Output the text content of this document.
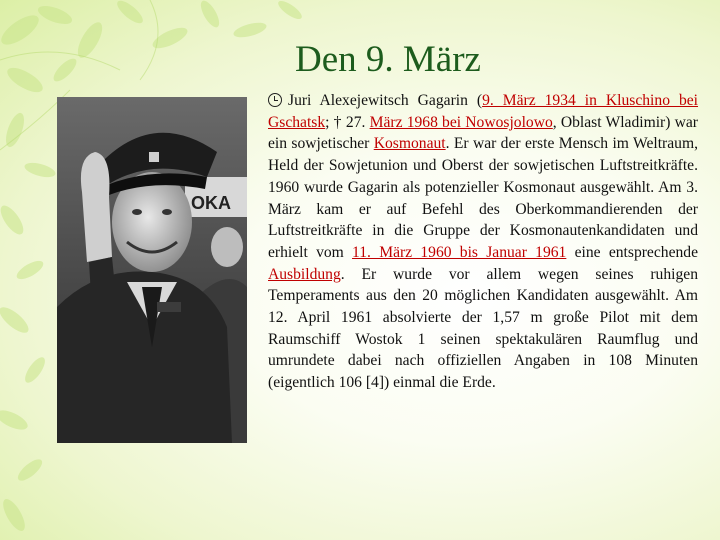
Den 9. März
OKA

Juri Alexejewitsch Gagarin (9. März 1934 in Kluschino bei Gschatsk; † 27. März 1968 bei Nowosjolowo, Oblast Wladimir) war ein sowjetischer Kosmonaut. Er war der erste Mensch im Weltraum, Held der Sowjetunion und Oberst der sowjetischen Luftstreitkräfte. 1960 wurde Gagarin als potenzieller Kosmonaut ausgewählt. Am 3. März kam er auf Befehl des Oberkommandierenden der Luftstreitkräfte in die Gruppe der Kosmonautenkandidaten und erhielt vom 11. März 1960 bis Januar 1961 eine entsprechende Ausbildung. Er wurde vor allem wegen seines ruhigen Temperaments aus den 20 möglichen Kandidaten ausgewählt. Am 12. April 1961 absolvierte der 1,57 m große Pilot mit dem Raumschiff Wostok 1 seinen spektakulären Raumflug und umrundete dabei nach offiziellen Angaben in 108 Minuten (eigentlich 106 [4]) einmal die Erde.
